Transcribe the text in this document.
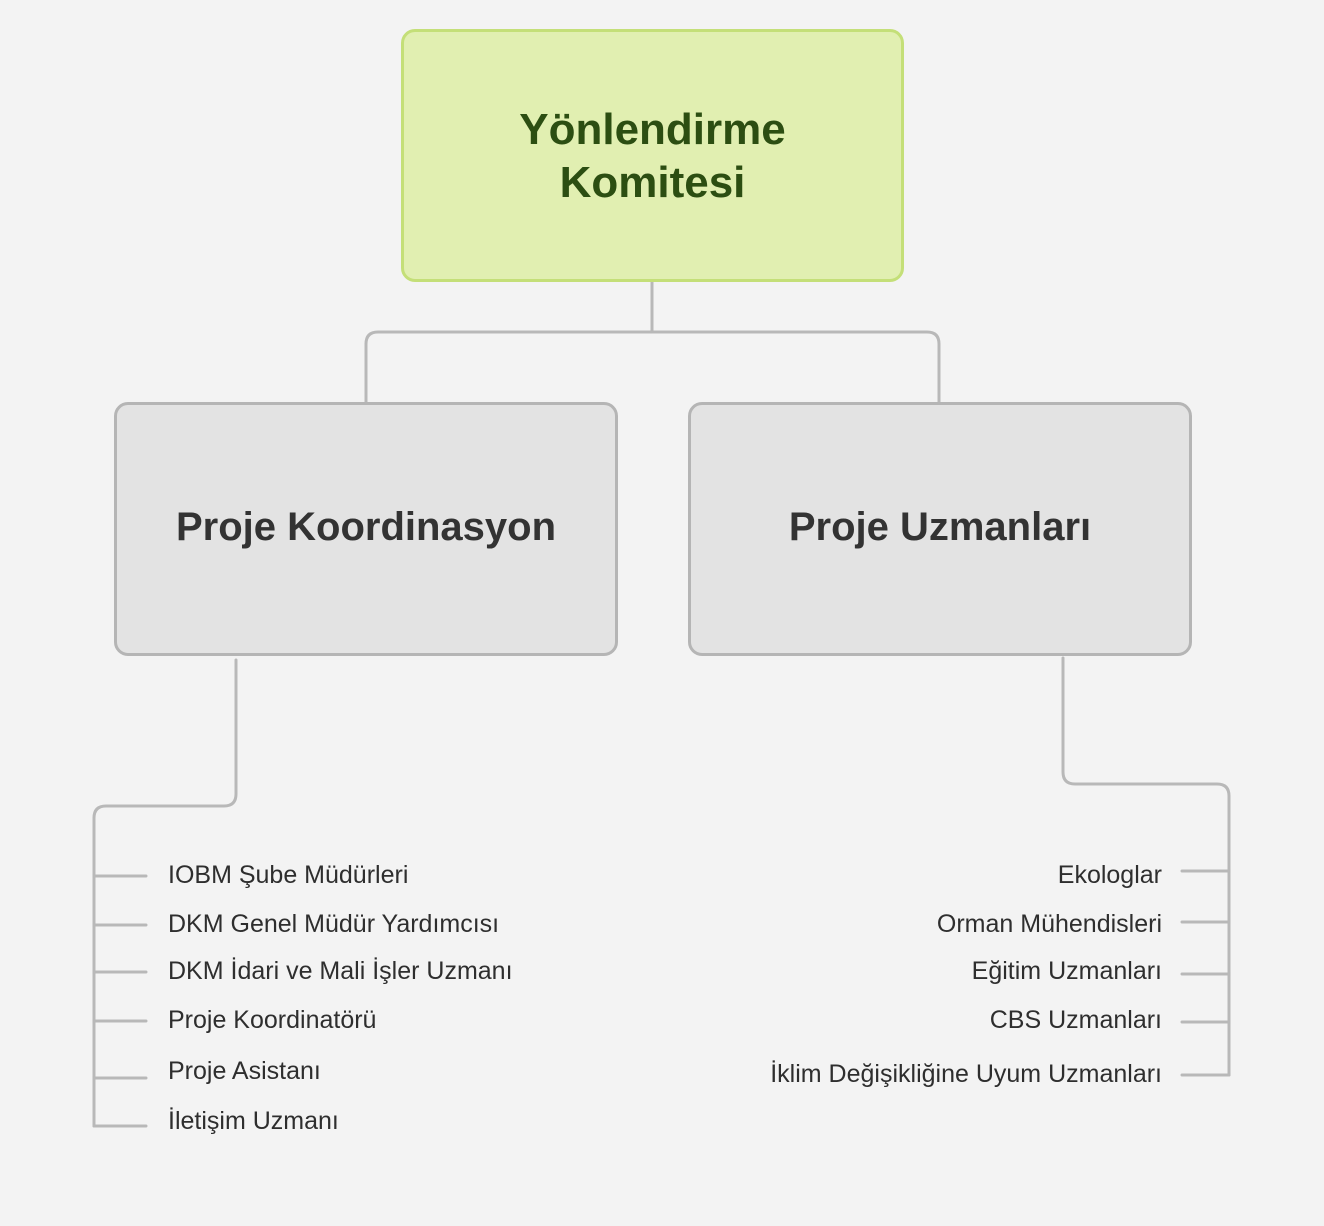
Yönlendirme Komitesi
Proje Koordinasyon	Proje Uzmanları
IOBM Şube Müdürleri
DKM Genel Müdür Yardımcısı
DKM İdari ve Mali İşler Uzmanı
Proje Koordinatörü
Proje Asistanı
İletişim Uzmanı
Ekologlar
Orman Mühendisleri
Eğitim Uzmanları
CBS Uzmanları
İklim Değişikliğine Uyum Uzmanları
